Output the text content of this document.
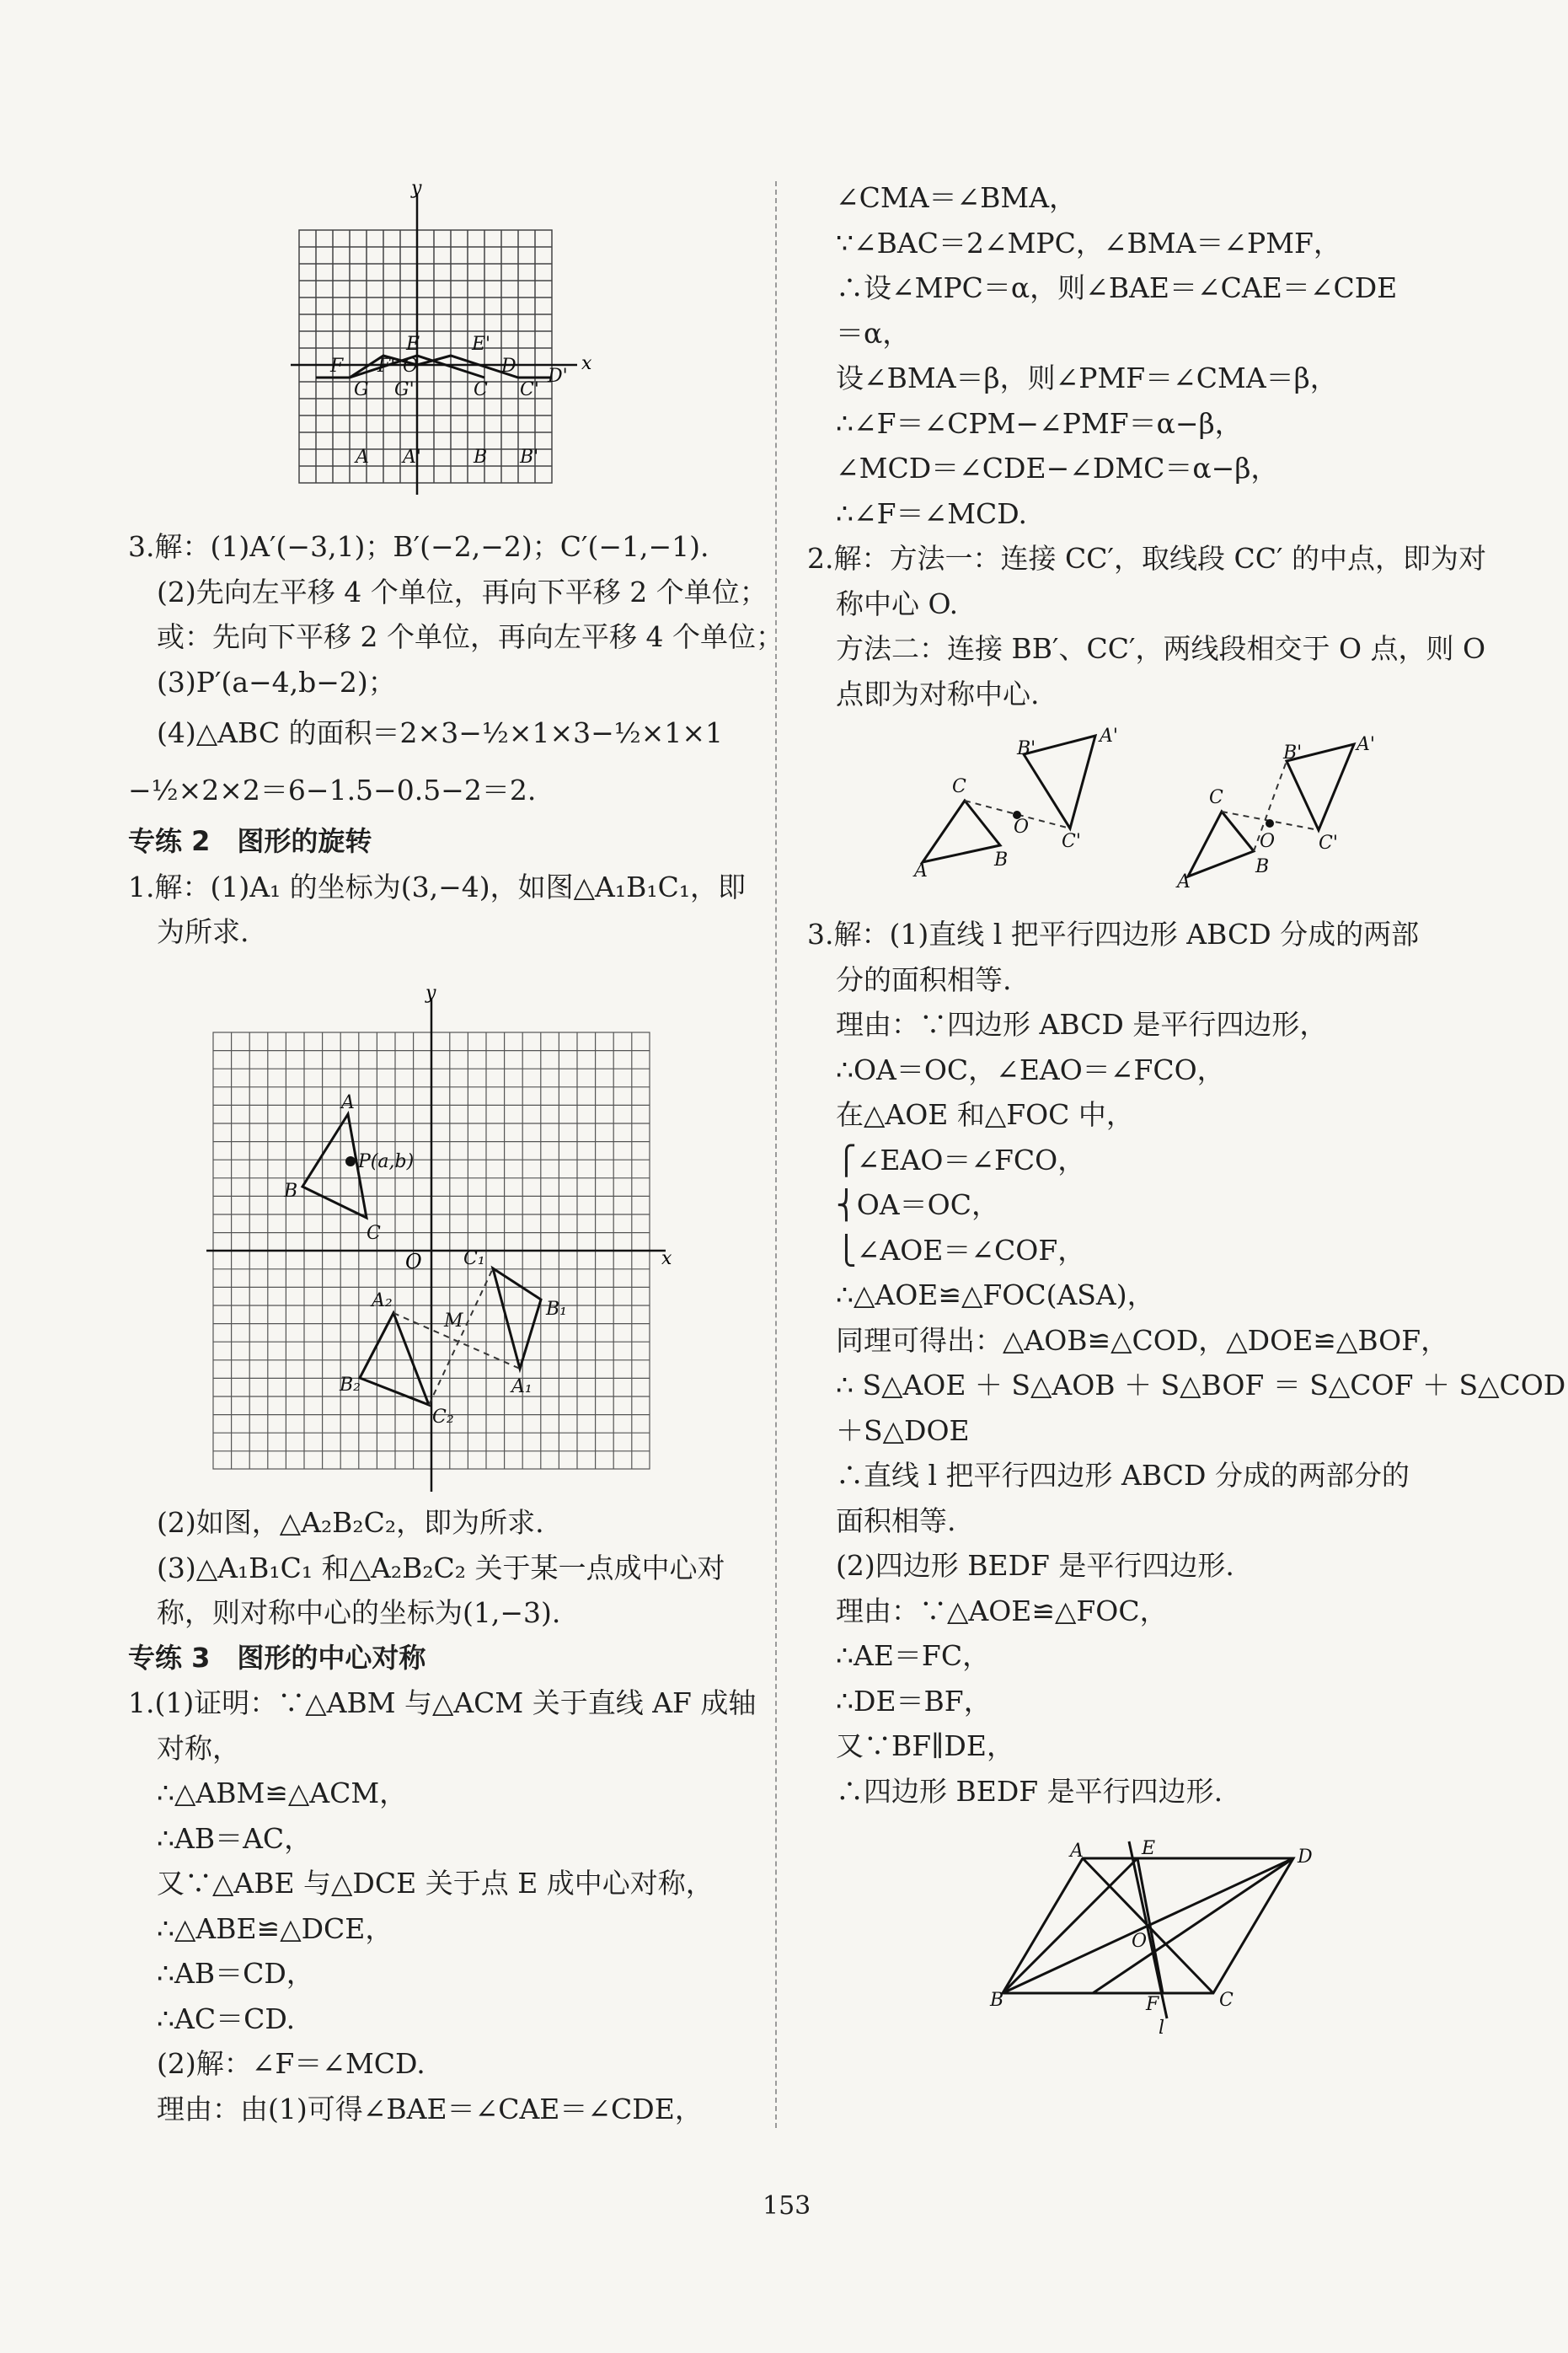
y
x
E	E'
F F' O	D D'
G G'	C C'
A A'	B B'
3.解：(1)A′(−3,1)；B′(−2,−2)；C′(−1,−1).
(2)先向左平移 4 个单位，再向下平移 2 个单位；
或：先向下平移 2 个单位，再向左平移 4 个单位；
(3)P′(a−4,b−2)；
(4)△ABC 的面积＝2×3−½×1×3−½×1×1
−½×2×2＝6−1.5−0.5−2＝2.
专练 2　图形的旋转
1.解：(1)A₁ 的坐标为(3,−4)，如图△A₁B₁C₁，即
为所求.
y
x
O
A
P(a,b)
B
C
C₁
B₁
A₁
A₂
B₂
C₂
M
(2)如图，△A₂B₂C₂，即为所求.
(3)△A₁B₁C₁ 和△A₂B₂C₂ 关于某一点成中心对
称，则对称中心的坐标为(1,−3).
专练 3　图形的中心对称
1.(1)证明：∵△ABM 与△ACM 关于直线 AF 成轴
对称，
∴△ABM≌△ACM，
∴AB＝AC，
又∵△ABE 与△DCE 关于点 E 成中心对称，
∴△ABE≌△DCE，
∴AB＝CD，
∴AC＝CD.
(2)解：∠F＝∠MCD.
理由：由(1)可得∠BAE＝∠CAE＝∠CDE，
∠CMA＝∠BMA，
∵∠BAC＝2∠MPC，∠BMA＝∠PMF，
∴设∠MPC＝α，则∠BAE＝∠CAE＝∠CDE
＝α，
设∠BMA＝β，则∠PMF＝∠CMA＝β，
∴∠F＝∠CPM−∠PMF＝α−β，
∠MCD＝∠CDE−∠DMC＝α−β，
∴∠F＝∠MCD.
2.解：方法一：连接 CC′，取线段 CC′ 的中点，即为对
称中心 O.
方法二：连接 BB′、CC′，两线段相交于 O 点，则 O
点即为对称中心.
C
B'
A'
O
A
B
C'
C
B'	A'
O
A
B
C'
3.解：(1)直线 l 把平行四边形 ABCD 分成的两部
分的面积相等.
理由：∵四边形 ABCD 是平行四边形，
∴OA＝OC，∠EAO＝∠FCO，
在△AOE 和△FOC 中，
⎧∠EAO＝∠FCO，
⎨OA＝OC，
⎩∠AOE＝∠COF，
∴△AOE≌△FOC(ASA)，
同理可得出：△AOB≌△COD，△DOE≌△BOF，
∴ S△AOE ＋ S△AOB ＋ S△BOF ＝ S△COF ＋ S△COD
＋S△DOE
∴直线 l 把平行四边形 ABCD 分成的两部分的
面积相等.
(2)四边形 BEDF 是平行四边形.
理由：∵△AOE≌△FOC，
∴AE＝FC，
∴DE＝BF，
又∵BF∥DE，
∴四边形 BEDF 是平行四边形.
A	E	D
O
B	F	C
l
153
